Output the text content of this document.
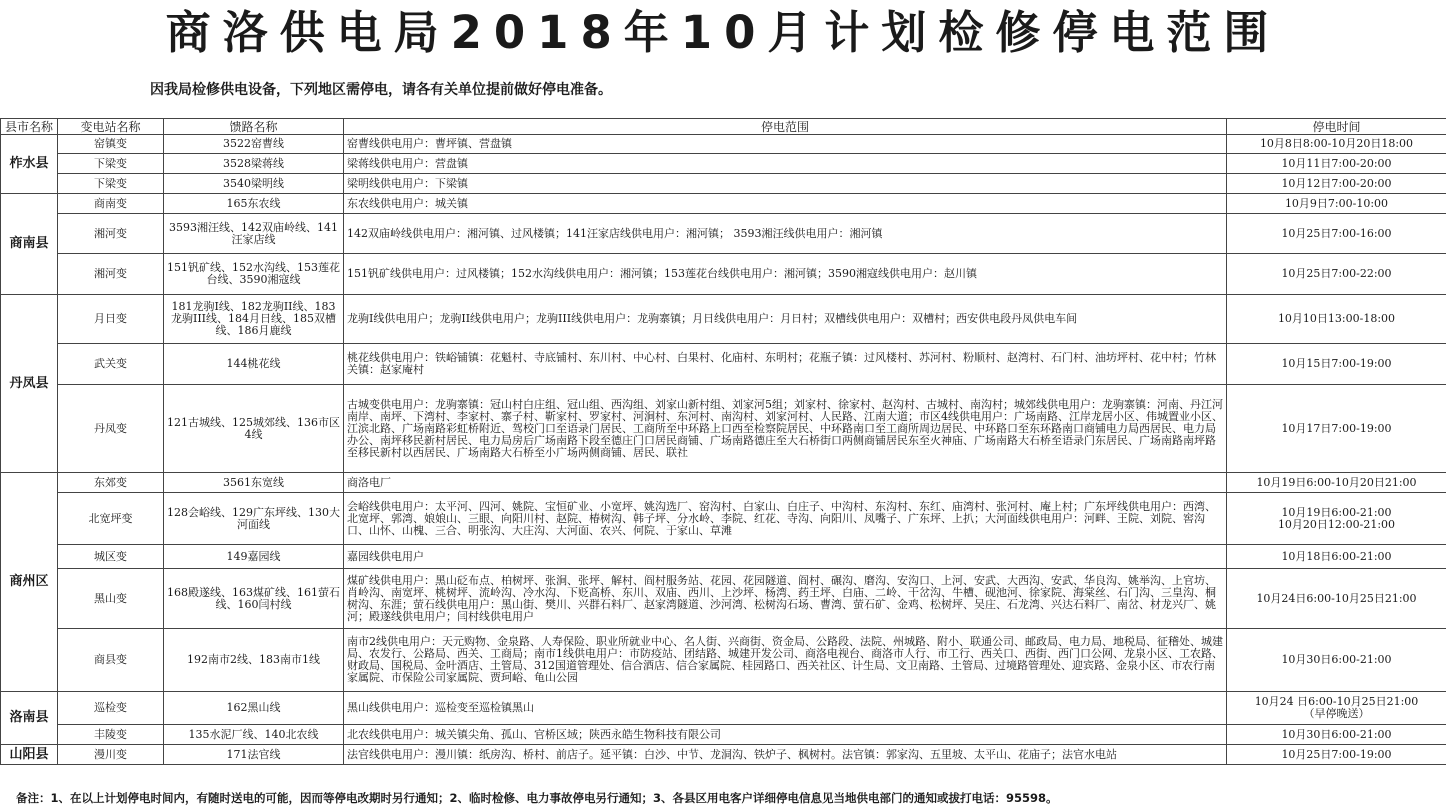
商洛供电局2018年10月计划检修停电范围
因我局检修供电设备，下列地区需停电，请各有关单位提前做好停电准备。
县市名称	变电站名称	馈路名称	停电范围	停电时间
柞水县	窑镇变	3522窑曹线	窑曹线供电用户：曹坪镇、营盘镇	10月8日8:00-10月20日18:00
	下梁变	3528梁蒋线	梁蒋线供电用户：营盘镇	10月11日7:00-20:00
	下梁变	3540梁明线	梁明线供电用户：下梁镇	10月12日7:00-20:00
商南县	商南变	165东农线	东农线供电用户：城关镇	10月9日7:00-10:00
	湘河变	3593湘汪线、142双庙岭线、141汪家店线	142双庙岭线供电用户：湘河镇、过风楼镇；141汪家店线供电用户：湘河镇； 3593湘汪线供电用户：湘河镇	10月25日7:00-16:00
	湘河变	151钒矿线、152水沟线、153莲花台线、3590湘寇线	151钒矿线供电用户：过风楼镇；152水沟线供电用户：湘河镇；153莲花台线供电用户：湘河镇；3590湘寇线供电用户：赵川镇	10月25日7:00-22:00
丹凤县	月日变	181龙驹I线、182龙驹II线、183龙驹III线、184月日线、185双槽线、186月鹿线	龙驹I线供电用户；龙驹II线供电用户；龙驹III线供电用户：龙驹寨镇；月日线供电用户：月日村；双槽线供电用户：双槽村；西安供电段丹凤供电车间	10月10日13:00-18:00
	武关变	144桃花线	桃花线供电用户：铁峪铺镇：花魁村、寺底铺村、东川村、中心村、白果村、化庙村、东明村；花瓶子镇：过风楼村、苏河村、粉顺村、赵湾村、石门村、油坊坪村、花中村；竹林关镇：赵家庵村	10月15日7:00-19:00
	丹凤变	121古城线、125城郊线、136市区4线	古城变供电用户：龙驹寨镇：冠山村白庄组、冠山组、西沟组、刘家山新村组、刘家河5组；刘家村、徐家村、赵沟村、古城村、南沟村；城郊线供电用户：龙驹寨镇：河南、丹江河南岸、南坪、下湾村、李家村、寨子村、靳家村、罗家村、河涧村、东河村、南沟村、刘家河村、人民路、江南大道；市区4线供电用户：广场南路、江岸龙居小区、伟城置业小区、江滨北路、广场南路彩虹桥附近、驾校门口至语录门居民、工商所至中环路上口西至检察院居民、中环路南口至工商所周边居民、中环路口至东环路南口商铺电力局西居民、电力局办公、南坪移民新村居民、电力局房后广场南路下段至德庄门口居民商铺、广场南路德庄至大石桥街口两侧商铺居民东至火神庙、广场南路大石桥至语录门东居民、广场南路南坪路至移民新村以西居民、广场南路大石桥至小广场两侧商铺、居民、联社	10月17日7:00-19:00
商州区	东郊变	3561东宽线	商洛电厂	10月19日6:00-10月20日21:00
	北宽坪变	128会峪线、129广东坪线、130大河面线	会峪线供电用户：太平河、四河、姚院、宝恒矿业、小宽坪、姚沟选厂、窑沟村、白家山、白庄子、中沟村、东沟村、东红、庙湾村、张河村、庵上村；广东坪线供电用户：西湾、北宽坪、郭湾、娘娘山、三眼、向阳川村、赵院、椿树沟、韩子坪、分水岭、李院、红花、寺沟、向阳川、凤嘴子、广东坪、上扒；大河面线供电用户：河畔、王院、刘院、窖沟口、山怀、山槐、三合、明张沟、大庄沟、大河面、农兴、何院、于家山、草滩	10月19日6:00-21:00
10月20日12:00-21:00

	城区变	149嘉园线	嘉园线供电用户	10月18日6:00-21:00
	黑山变	168殿遂线、163煤矿线、161萤石线、160闫村线	煤矿线供电用户：黑山砭布点、柏树坪、张涧、张坪、解村、阎村服务站、花园、花园隧道、阎村、碾沟、磨沟、安沟口、上河、安武、大西沟、安武、华良沟、姚举沟、上官坊、肖岭沟、南宽坪、桃树坪、流岭沟、冷水沟、下贬高桥、东川、双庙、西川、上沙坪、杨湾、药王坪、白庙、二岭、干岔沟、牛槽、砚池河、徐家院、海棠丝、石门沟、三皇沟、桐树沟、东涯；萤石线供电用户：黑山街、樊川、兴群石料厂、赵家湾隧道、沙河湾、松树沟石场、曹湾、萤石矿、金鸡、松树坪、吴庄、石龙湾、兴达石料厂、南岔、材龙兴厂、姚河；殿遂线供电用户；闫村线供电用户	10月24日6:00-10月25日21:00
	商县变	192南市2线、183南市1线	南市2线供电用户：天元购物、金泉路、人寿保险、职业所就业中心、名人街、兴商街、资金局、公路段、法院、州城路、附小、联通公司、邮政局、电力局、地税局、征稽处、城建局、农发行、公路局、西关、工商局；南市1线供电用户：市防疫站、团结路、城建开发公司、商洛电视台、商洛市人行、市工行、西关口、西街、西门口公网、龙泉小区、工农路、财政局、国税局、金叶酒店、土管局、312国道管理处、信合酒店、信合家属院、桂园路口、西关社区、计生局、文卫南路、土管局、过境路管理处、迎宾路、金泉小区、市农行南家属院、市保险公司家属院、贾珂峪、龟山公园	10月30日6:00-21:00
洛南县	巡检变	162黑山线	黑山线供电用户：巡检变至巡检镇黑山	10月24 日6:00-10月25日21:00
（早停晚送）

	丰陵变	135水泥厂线、140北农线	北农线供电用户：城关镇尖角、孤山、官桥区域；陕西永皓生物科技有限公司	10月30日6:00-21:00
山阳县	漫川变	171法官线	法官线供电用户：漫川镇：纸房沟、桥村、前店子。延平镇：白沙、中节、龙洞沟、铁炉子、枫树村。法官镇：郭家沟、五里坡、太平山、花庙子；法官水电站	10月25日7:00-19:00
备注：1、在以上计划停电时间内，有随时送电的可能，因而等停电改期时另行通知；2、临时检修、电力事故停电另行通知；3、各县区用电客户详细停电信息见当地供电部门的通知或拔打电话：95598。
